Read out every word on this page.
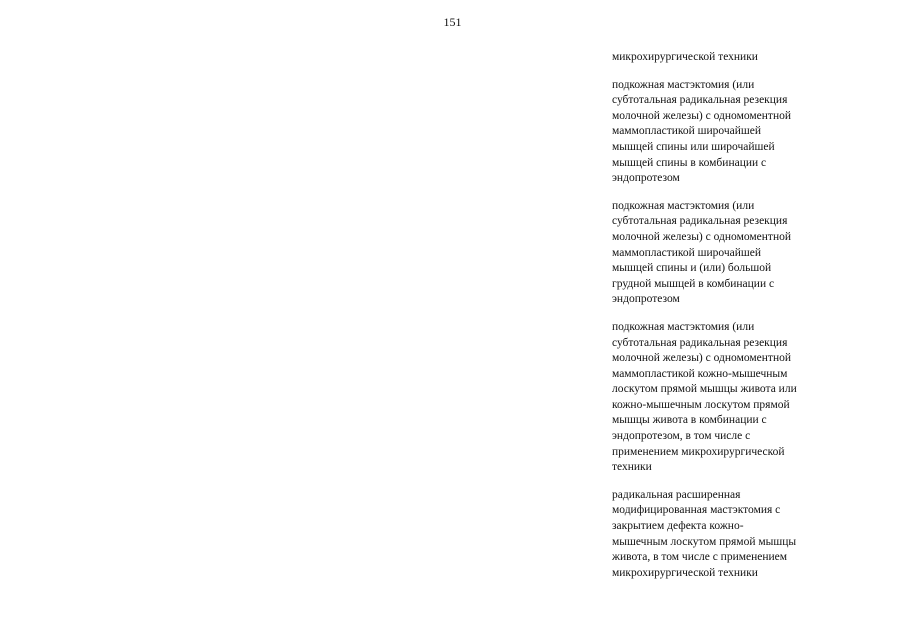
151
микрохирургической техники
подкожная мастэктомия (или
субтотальная радикальная резекция
молочной железы) с одномоментной
маммопластикой широчайшей
мышцей спины или широчайшей
мышцей спины в комбинации с
эндопротезом
подкожная мастэктомия (или
субтотальная радикальная резекция
молочной железы) с одномоментной
маммопластикой широчайшей
мышцей спины и (или) большой
грудной мышцей в комбинации с
эндопротезом
подкожная мастэктомия (или
субтотальная радикальная резекция
молочной железы) с одномоментной
маммопластикой кожно-мышечным
лоскутом прямой мышцы живота или
кожно-мышечным лоскутом прямой
мышцы живота в комбинации с
эндопротезом, в том числе с
применением микрохирургической
техники
радикальная расширенная
модифицированная мастэктомия с
закрытием дефекта кожно-
мышечным лоскутом прямой мышцы
живота, в том числе с применением
микрохирургической техники
